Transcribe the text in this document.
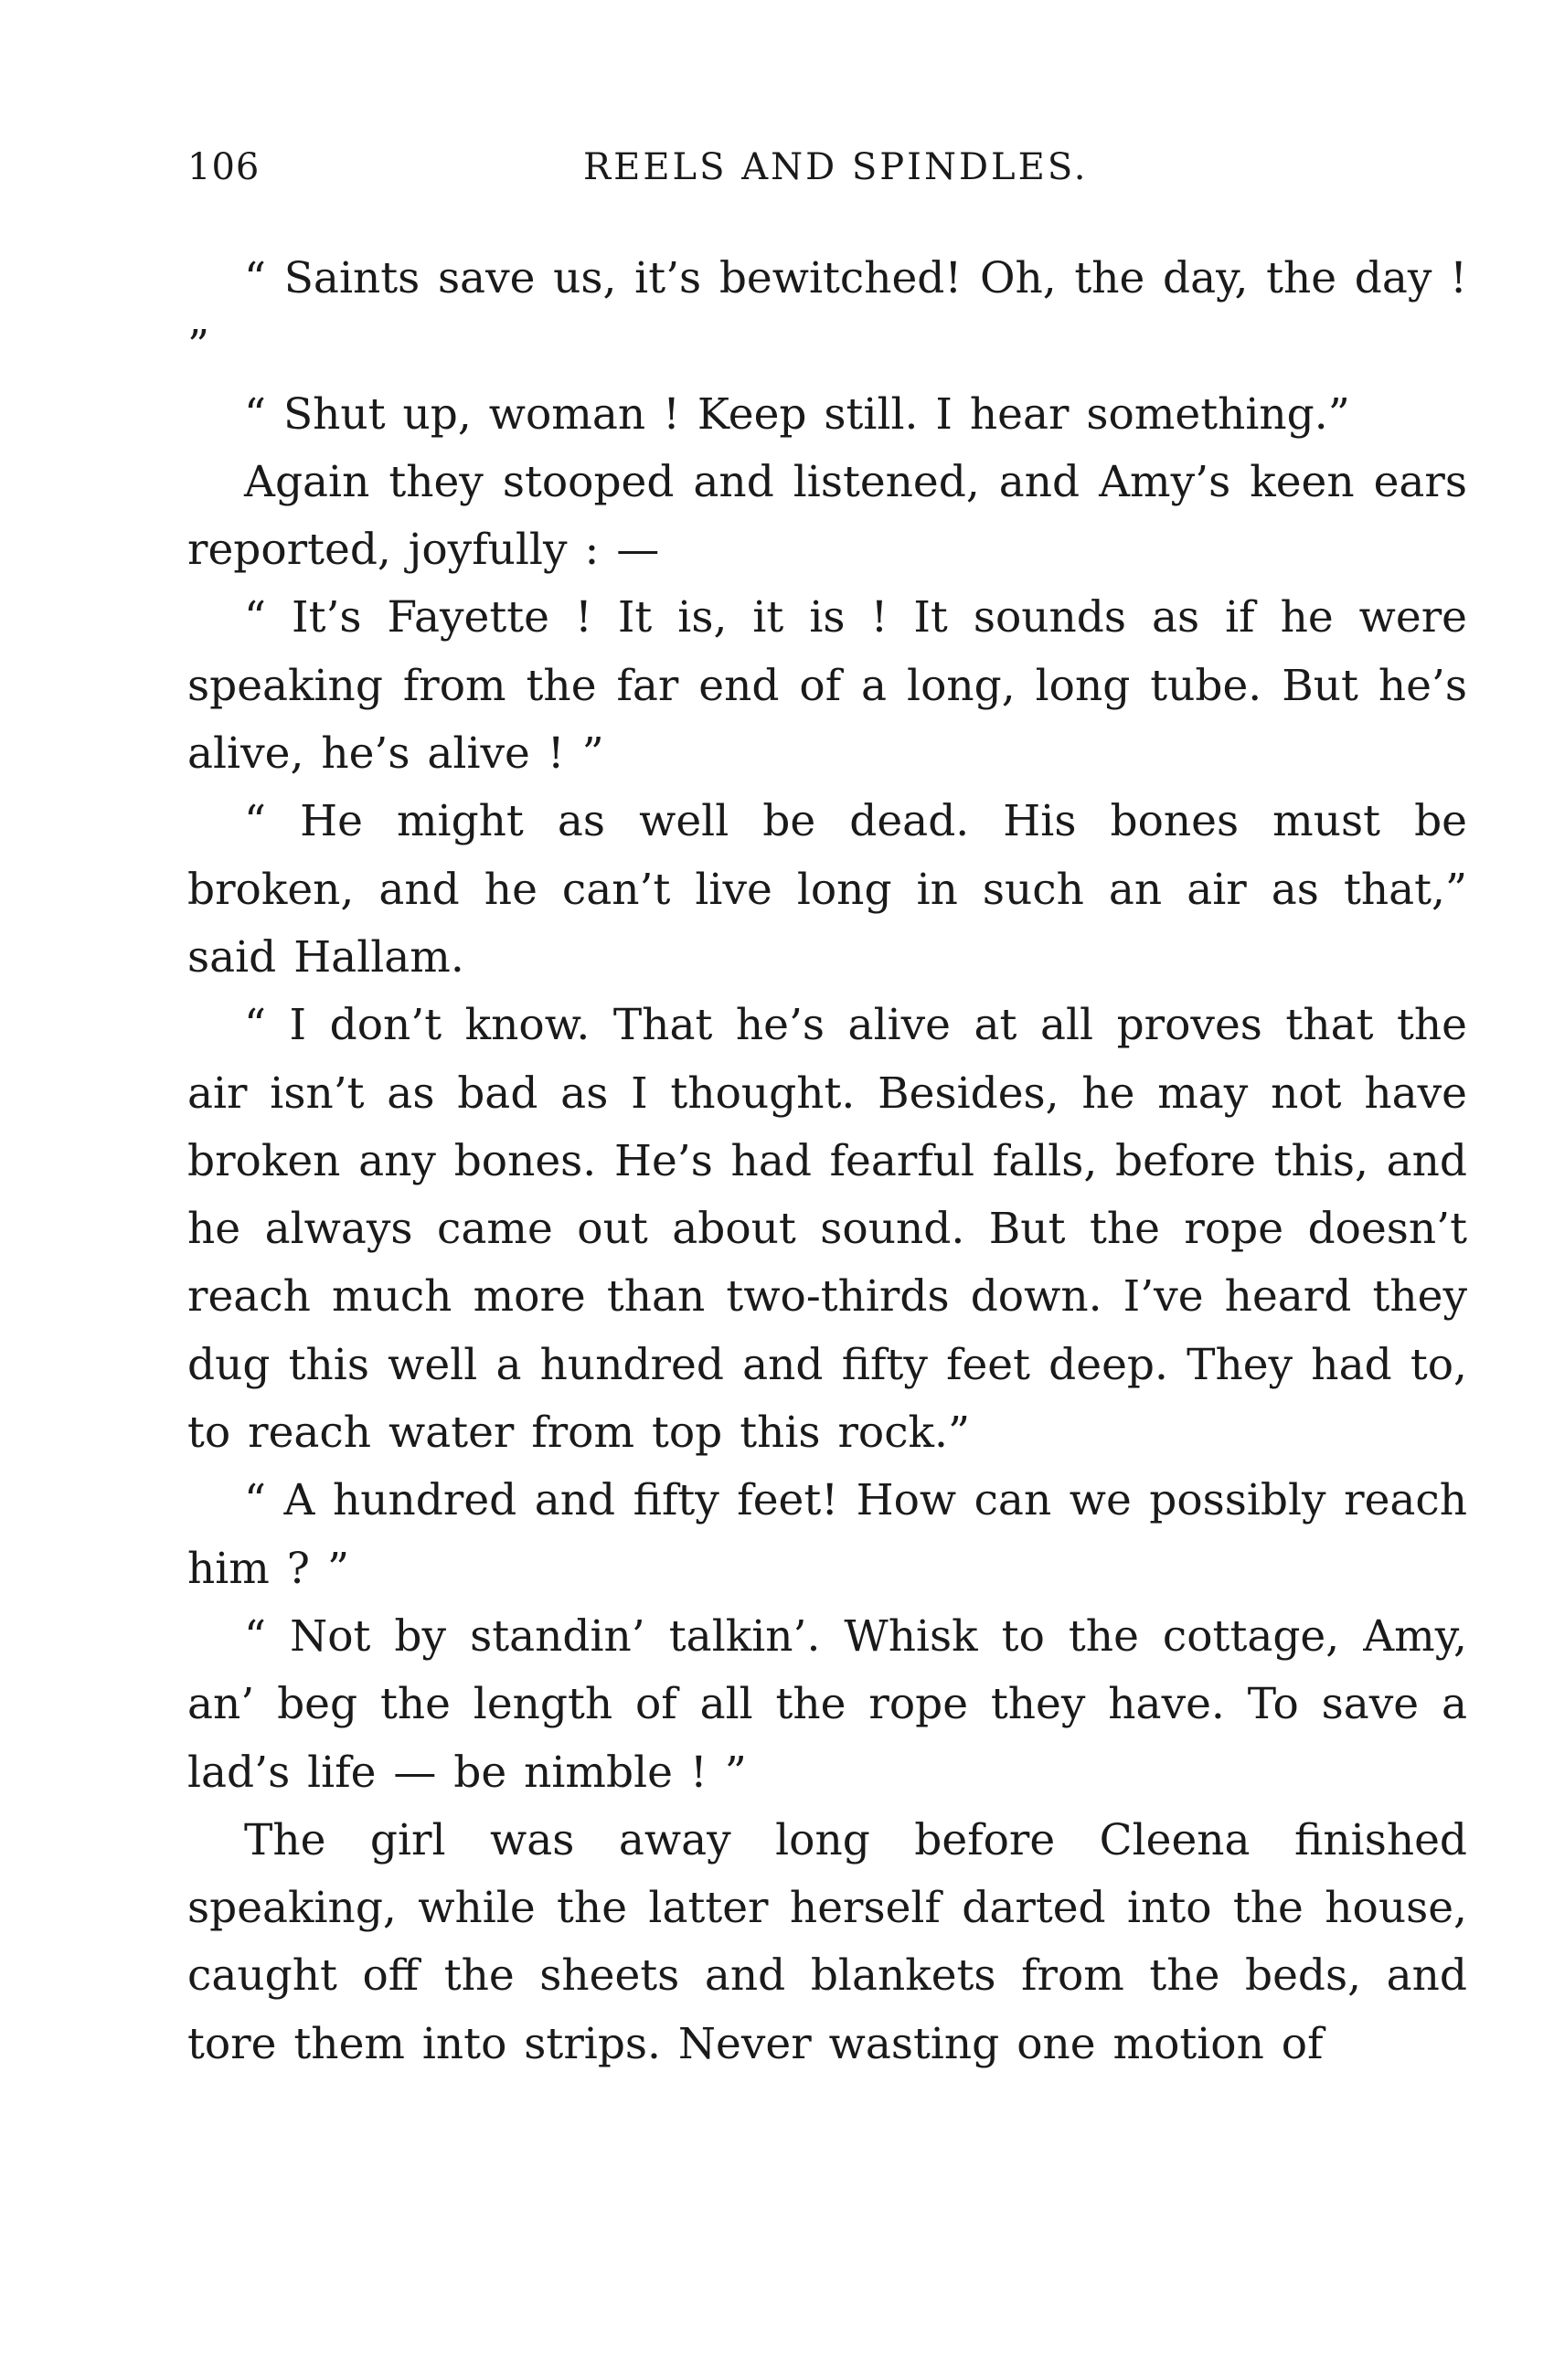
106	REELS AND SPINDLES.

“ Saints save us, it’s bewitched! Oh, the day, the day ! ”

“ Shut up, woman ! Keep still. I hear something.”

Again they stooped and listened, and Amy’s keen ears reported, joyfully : —

“ It’s Fayette ! It is, it is ! It sounds as if he were speaking from the far end of a long, long tube. But he’s alive, he’s alive ! ”

“ He might as well be dead. His bones must be broken, and he can’t live long in such an air as that,” said Hallam.

“ I don’t know. That he’s alive at all proves that the air isn’t as bad as I thought. Besides, he may not have broken any bones. He’s had fearful falls, before this, and he always came out about sound. But the rope doesn’t reach much more than two-thirds down. I’ve heard they dug this well a hundred and fifty feet deep. They had to, to reach water from top this rock.”

“ A hundred and fifty feet! How can we possibly reach him ? ”

“ Not by standin’ talkin’. Whisk to the cottage, Amy, an’ beg the length of all the rope they have. To save a lad’s life — be nimble ! ”

The girl was away long before Cleena finished speaking, while the latter herself darted into the house, caught off the sheets and blankets from the beds, and tore them into strips. Never wasting one motion of
